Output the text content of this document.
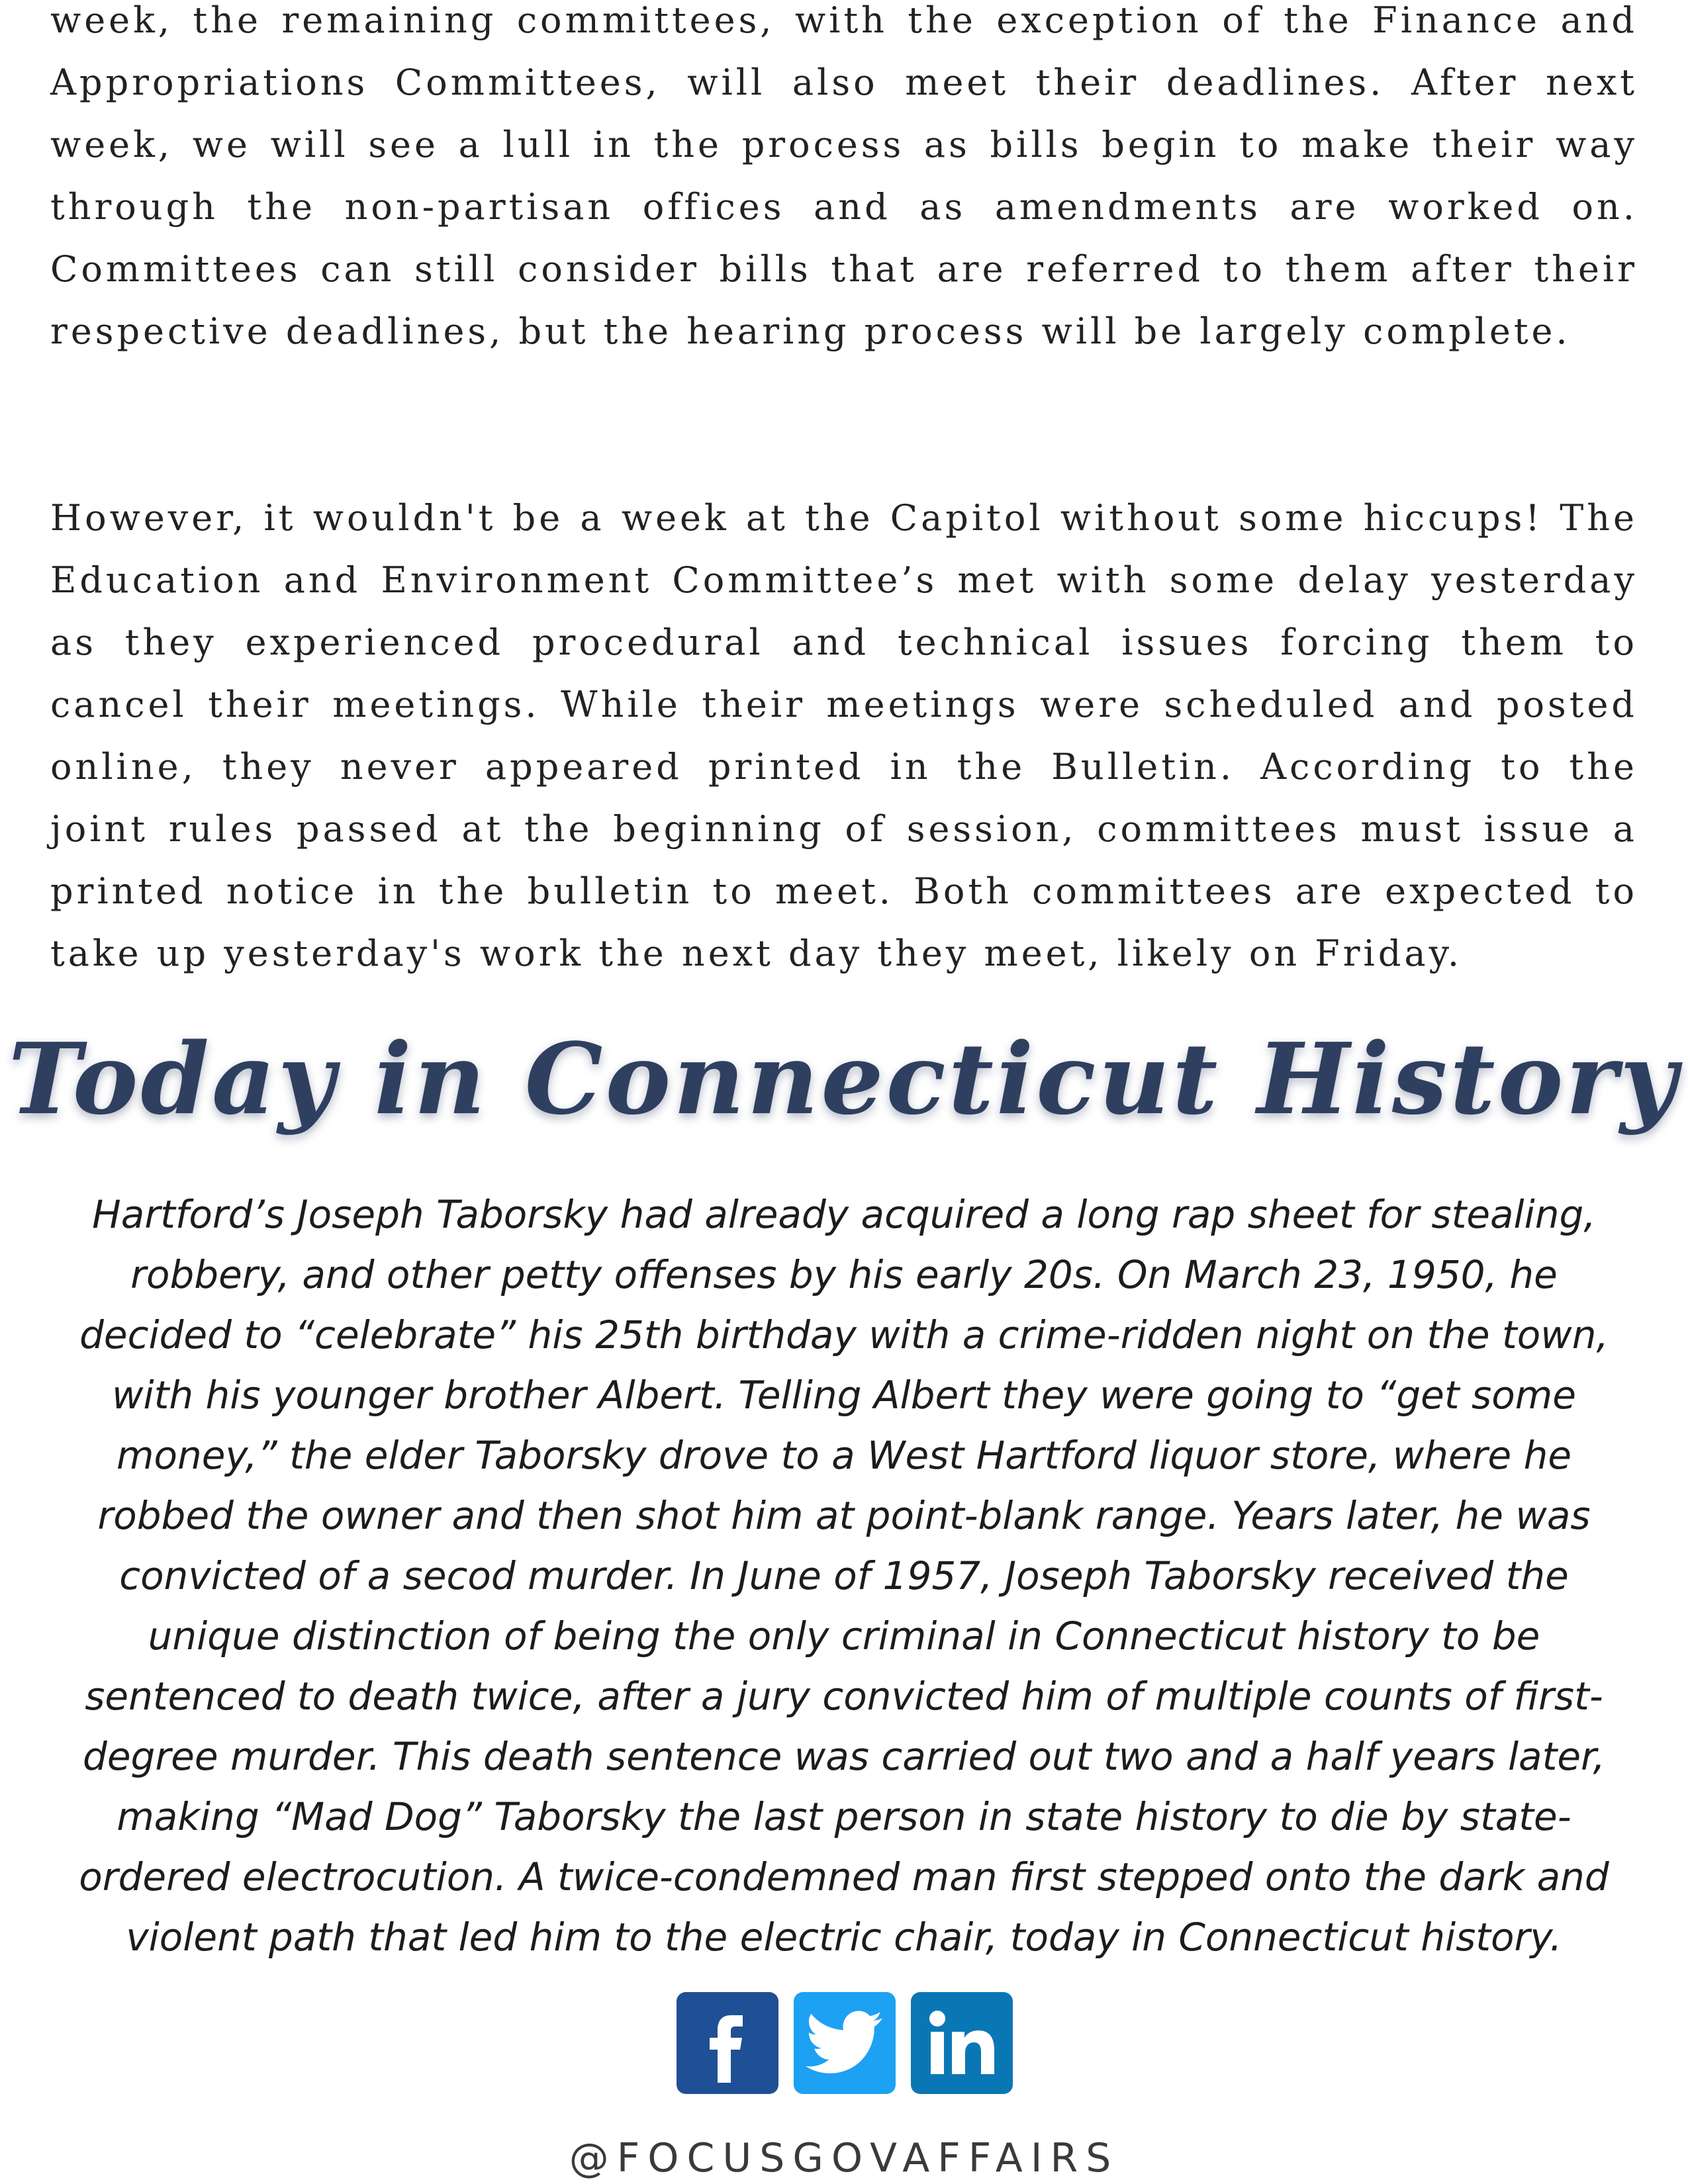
week, the remaining committees, with the exception of the Finance and Appropriations Committees, will also meet their deadlines. After next week, we will see a lull in the process as bills begin to make their way through the non-partisan offices and as amendments are worked on. Committees can still consider bills that are referred to them after their respective deadlines, but the hearing process will be largely complete.

However, it wouldn't be a week at the Capitol without some hiccups! The Education and Environment Committee’s met with some delay yesterday as they experienced procedural and technical issues forcing them to cancel their meetings. While their meetings were scheduled and posted online, they never appeared printed in the Bulletin. According to the joint rules passed at the beginning of session, committees must issue a printed notice in the bulletin to meet. Both committees are expected to take up yesterday's work the next day they meet, likely on Friday.

Today in Connecticut History

Hartford’s Joseph Taborsky had already acquired a long rap sheet for stealing, robbery, and other petty offenses by his early 20s. On March 23, 1950, he decided to “celebrate” his 25th birthday with a crime-ridden night on the town, with his younger brother Albert. Telling Albert they were going to “get some money,” the elder Taborsky drove to a West Hartford liquor store, where he robbed the owner and then shot him at point-blank range. Years later, he was convicted of a secod murder. In June of 1957, Joseph Taborsky received the unique distinction of being the only criminal in Connecticut history to be sentenced to death twice, after a jury convicted him of multiple counts of first-degree murder. This death sentence was carried out two and a half years later, making “Mad Dog” Taborsky the last person in state history to die by state-ordered electrocution. A twice-condemned man first stepped onto the dark and violent path that led him to the electric chair, today in Connecticut history.

@FOCUSGOVAFFAIRS
